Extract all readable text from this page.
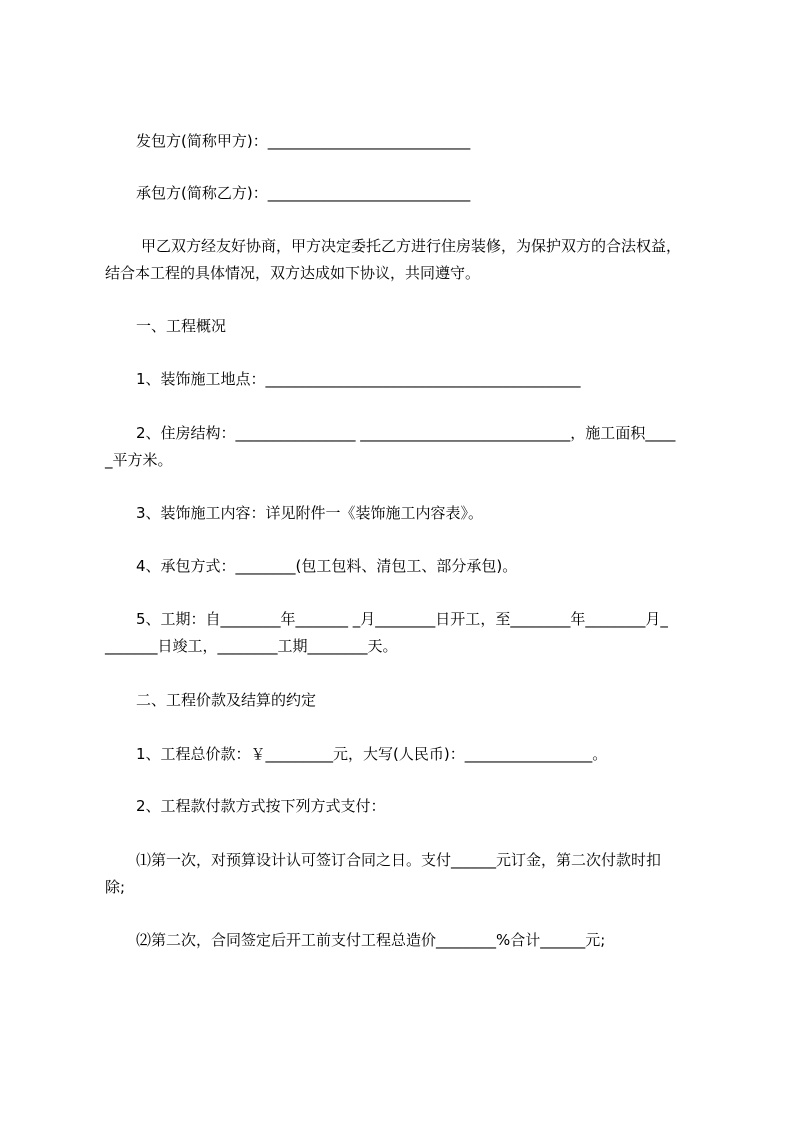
发包方(简称甲方)：___________________________
承包方(简称乙方)：___________________________
甲乙双方经友好协商，甲方决定委托乙方进行住房装修，为保护双方的合法权益，
结合本工程的具体情况，双方达成如下协议，共同遵守。
一、工程概况
1、装饰施工地点：__________________________________________
2、住房结构：________________ ____________________________，施工面积____
_平方米。
3、装饰施工内容：详见附件一《装饰施工内容表》。
4、承包方式：________(包工包料、清包工、部分承包)。
5、工期：自________年_______ _月________日开工，至________年________月_
_______日竣工，________工期________天。
二、工程价款及结算的约定
1、工程总价款：￥_________元，大写(人民币)：_________________。
2、工程款付款方式按下列方式支付：
⑴第一次，对预算设计认可签订合同之日。支付______元订金，第二次付款时扣
除;
⑵第二次，合同签定后开工前支付工程总造价________%合计______元;
